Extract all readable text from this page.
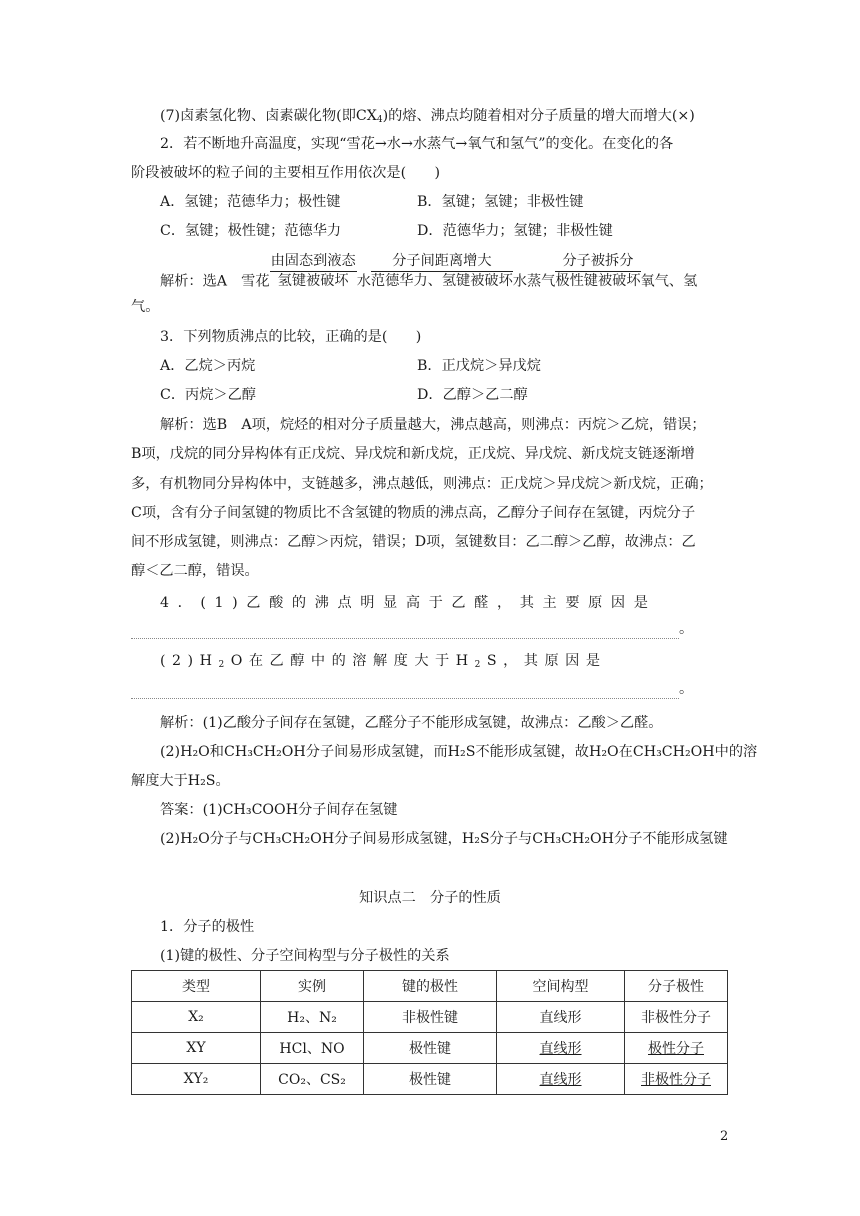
(7)卤素氢化物、卤素碳化物(即$CX_4$)的熔、沸点均随着相对分子质量的增大而增大(×)
2．若不断地升高温度，实现“雪花→水→水蒸气→氧气和氢气”的变化。在变化的各
阶段被破坏的粒子间的主要相互作用依次是(　　)
A．氢键；范德华力；极性键	B．氢键；氢键；非极性键
C．氢键；极性键；范德华力	D．范德华力；氢键；非极性键
解析：选A　雪花 $\frac{\text{由固态到液态}}{\text{氢键被破坏}}$ 水 $\frac{\text{分子间距离增大}}{\text{范德华力、氢键被破坏}}$ 水蒸气 $\frac{\text{分子被拆分}}{\text{极性键被破坏}}$ 氧气、氢
气。
3．下列物质沸点的比较，正确的是(　　)
A．乙烷＞丙烷	B．正戊烷＞异戊烷
C．丙烷＞乙醇	D．乙醇＞乙二醇
解析：选B　A项，烷烃的相对分子质量越大，沸点越高，则沸点：丙烷＞乙烷，错误；
B项，戊烷的同分异构体有正戊烷、异戊烷和新戊烷，正戊烷、异戊烷、新戊烷支链逐渐增
多，有机物同分异构体中，支链越多，沸点越低，则沸点：正戊烷＞异戊烷＞新戊烷，正确；
C项，含有分子间氢键的物质比不含氢键的物质的沸点高，乙醇分子间存在氢键，丙烷分子
间不形成氢键，则沸点：乙醇＞丙烷，错误；D项，氢键数目：乙二醇＞乙醇，故沸点：乙
醇＜乙二醇，错误。
4．(1)乙酸的沸点明显高于乙醛，其主要原因是
。
$(2)H_2O$在乙醇中的溶解度大于$H_2S$，其原因是
。
解析：(1)乙酸分子间存在氢键，乙醛分子不能形成氢键，故沸点：乙酸＞乙醛。
(2)H₂O和CH₃CH₂OH分子间易形成氢键，而H₂S不能形成氢键，故H₂O在CH₃CH₂OH中的溶
解度大于H₂S。
答案：(1)CH₃COOH分子间存在氢键
(2)H₂O分子与CH₃CH₂OH分子间易形成氢键，H₂S分子与CH₃CH₂OH分子不能形成氢键
知识点二　分子的性质
1．分子的极性
(1)键的极性、分子空间构型与分子极性的关系
类型	实例	键的极性	空间构型	分子极性
X₂	H₂、N₂	非极性键	直线形	非极性分子
XY	HCl、NO	极性键	直线形	极性分子
XY₂	CO₂、CS₂	极性键	直线形	非极性分子
2
